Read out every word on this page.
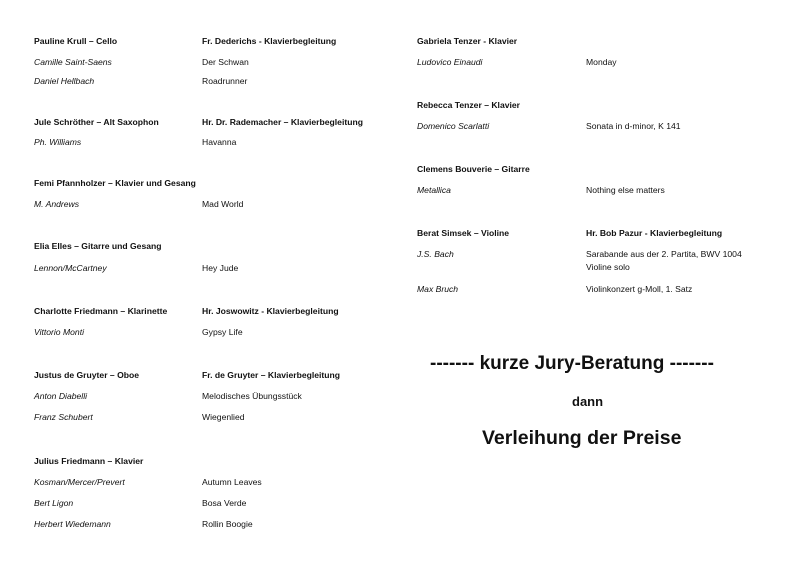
Pauline Krull – Cello	Fr. Dederichs - Klavierbegleitung
Camille Saint-Saens	Der Schwan
Daniel Hellbach	Roadrunner
Jule Schröther – Alt Saxophon	Hr. Dr. Rademacher – Klavierbegleitung
Ph. Williams	Havanna
Femi Pfannholzer – Klavier und Gesang
M. Andrews	Mad World
Elia Elles – Gitarre und Gesang
Lennon/McCartney	Hey Jude
Charlotte Friedmann – Klarinette	Hr. Joswowitz - Klavierbegleitung
Vittorio Monti	Gypsy Life
Justus de Gruyter – Oboe	Fr. de Gruyter – Klavierbegleitung
Anton Diabelli	Melodisches Übungsstück
Franz Schubert	Wiegenlied
Julius Friedmann – Klavier
Kosman/Mercer/Prevert	Autumn Leaves
Bert Ligon	Bosa Verde
Herbert Wiedemann	Rollin Boogie
Gabriela Tenzer - Klavier
Ludovico Einaudi	Monday
Rebecca Tenzer – Klavier
Domenico Scarlatti	Sonata in d-minor, K 141
Clemens Bouverie – Gitarre
Metallica	Nothing else matters
Berat Simsek – Violine	Hr. Bob Pazur - Klavierbegleitung
J.S. Bach	Sarabande aus der 2. Partita, BWV 1004
Violine solo
Max Bruch	Violinkonzert g-Moll, 1. Satz
------- kurze Jury-Beratung -------
dann
Verleihung der Preise
